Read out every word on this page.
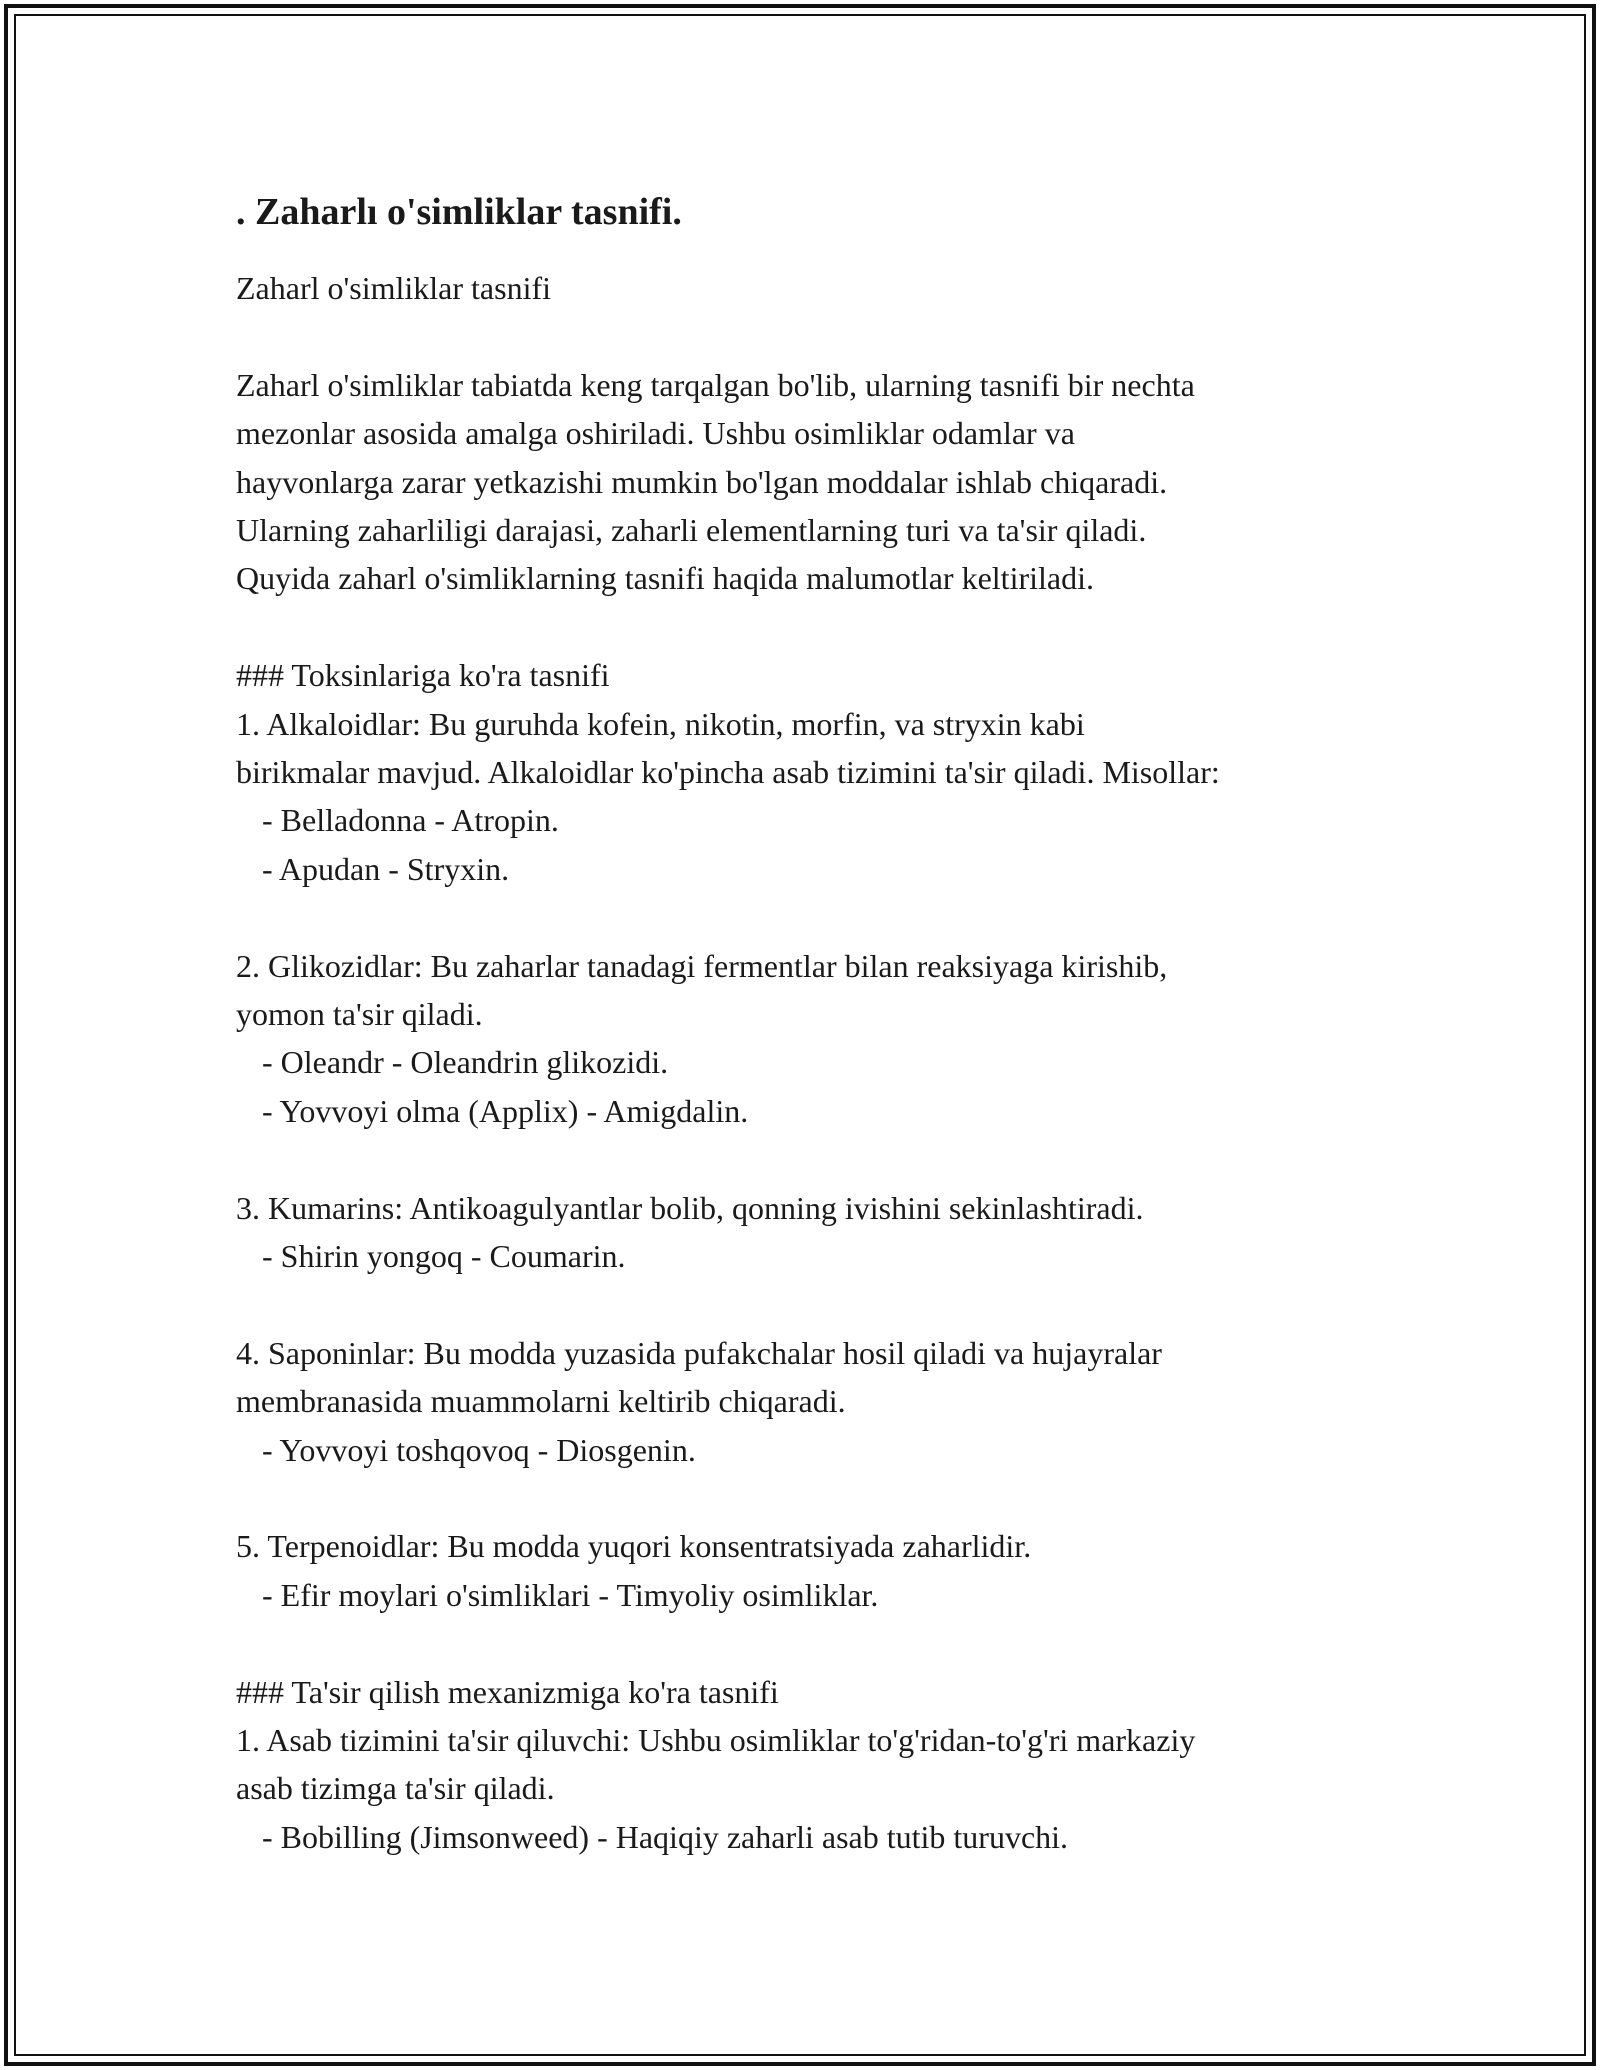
. Zaharlı o'simliklar tasnifi.

Zaharl o'simliklar tasnifi

Zaharl o'simliklar tabiatda keng tarqalgan bo'lib, ularning tasnifi bir nechta

mezonlar asosida amalga oshiriladi. Ushbu osimliklar odamlar va

hayvonlarga zarar yetkazishi mumkin bo'lgan moddalar ishlab chiqaradi.

Ularning zaharliligi darajasi, zaharli elementlarning turi va ta'sir qiladi.

Quyida zaharl o'simliklarning tasnifi haqida malumotlar keltiriladi.

### Toksinlariga ko'ra tasnifi

1. Alkaloidlar: Bu guruhda kofein, nikotin, morfin, va stryxin kabi

birikmalar mavjud. Alkaloidlar ko'pincha asab tizimini ta'sir qiladi. Misollar:

- Belladonna - Atropin.

- Apudan - Stryxin.

2. Glikozidlar: Bu zaharlar tanadagi fermentlar bilan reaksiyaga kirishib,

yomon ta'sir qiladi.

- Oleandr - Oleandrin glikozidi.

- Yovvoyi olma (Applix) - Amigdalin.

3. Kumarins: Antikoagulyantlar bolib, qonning ivishini sekinlashtiradi.

- Shirin yongoq - Coumarin.

4. Saponinlar: Bu modda yuzasida pufakchalar hosil qiladi va hujayralar

membranasida muammolarni keltirib chiqaradi.

- Yovvoyi toshqovoq - Diosgenin.

5. Terpenoidlar: Bu modda yuqori konsentratsiyada zaharlidir.

- Efir moylari o'simliklari - Timyoliy osimliklar.

### Ta'sir qilish mexanizmiga ko'ra tasnifi

1. Asab tizimini ta'sir qiluvchi: Ushbu osimliklar to'g'ridan-to'g'ri markaziy

asab tizimga ta'sir qiladi.

- Bobilling (Jimsonweed) - Haqiqiy zaharli asab tutib turuvchi.
